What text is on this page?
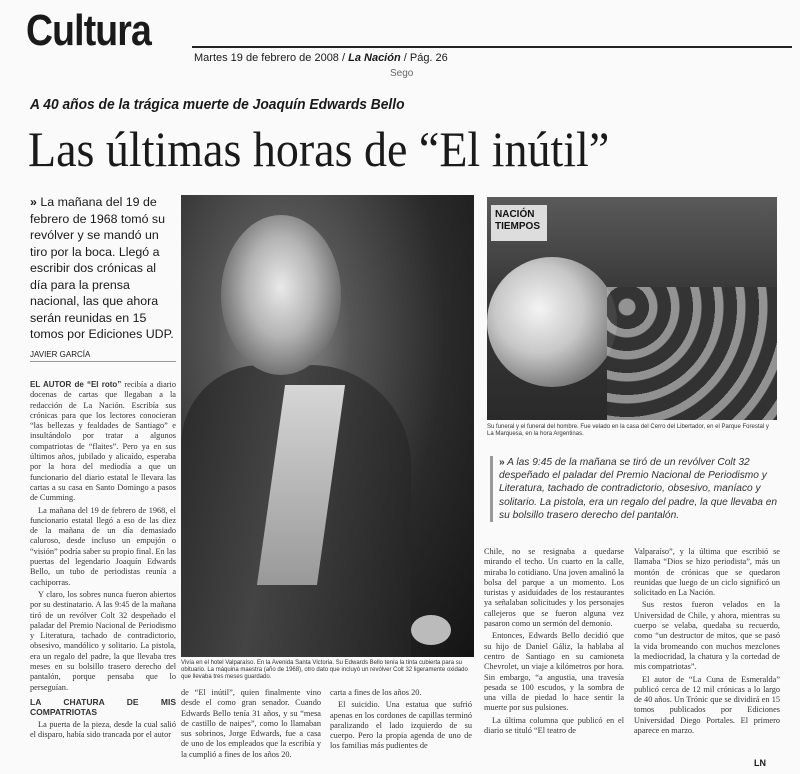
Cultura
Martes 19 de febrero de 2008 / La Nación / Pág. 26
Sego
A 40 años de la trágica muerte de Joaquín Edwards Bello
Las últimas horas de “El inútil”
» La mañana del 19 de febrero de 1968 tomó su revólver y se mandó un tiro por la boca. Llegó a escribir dos crónicas al día para la prensa nacional, las que ahora serán reunidas en 15 tomos por Ediciones UDP.
JAVIER GARCÍA

EL AUTOR de “El roto” recibía a diario docenas de cartas que llegaban a la redacción de La Nación. Escribía sus crónicas para que los lectores conocieran “las bellezas y fealdades de Santiago” e insultándolo por tratar a algunos compatriotas de “flaites”. Pero ya en sus últimos años, jubilado y alicaído, esperaba por la hora del mediodía a que un funcionario del diario estatal le llevara las cartas a su casa en Santo Domingo a pasos de Cumming.

La mañana del 19 de febrero de 1968, el funcionario estatal llegó a eso de las diez de la mañana de un día demasiado caluroso, desde incluso un empujón o “visión” podría saber su propio final. En las puertas del legendario Joaquín Edwards Bello, un tubo de periodistas reunía a cachiporras.

Y claro, los sobres nunca fueron abiertos por su destinatario. A las 9:45 de la mañana tiró de un revólver Colt 32 despeñado el paladar del Premio Nacional de Periodismo y Literatura, tachado de contradictorio, obsesivo, mandólico y solitario. La pistola, era un regalo del padre, la que llevaba tres meses en su bolsillo trasero derecho del pantalón, porque pensaba que lo perseguían.

LA CHATURA DE MIS COMPATRIOTAS

La puerta de la pieza, desde la cual salió el disparo, había sido trancada por el autor

Vivía en el hotel Valparaíso. En la Avenida Santa Victoria. Su Edwards Bello tenía la tinta cubierta para su obituario. La máquina maestra (año de 1968), otro dato que incluyó un revólver Colt 32 ligeramente oxidado que llevaba tres meses guardado.

de “El inútil”, quien finalmente vino desde el como gran senador. Cuando Edwards Bello tenía 31 años, y su “mesa de castillo de naipes”, como lo llamaban sus sobrinos, Jorge Edwards, fue a casa de uno de los empleados que la escribía y la cumplió a fines de los años 20.

carta a fines de los años 20.

El suicidio. Una estatua que sufrió apenas en los cordones de capillas terminó paralizando el lado izquierdo de su cuerpo. Pero la propia agenda de uno de los familias más pudientes de

NACIÓN TIEMPOS
Su funeral y el funeral del hombre. Fue velado en la casa del Cerro del Libertador, en el Parque Forestal y La Marquesa, en la hora Argentinas.
» A las 9:45 de la mañana se tiró de un revólver Colt 32 despeñado el paladar del Premio Nacional de Periodismo y Literatura, tachado de contradictorio, obsesivo, maníaco y solitario. La pistola, era un regalo del padre, la que llevaba en su bolsillo trasero derecho del pantalón.

Chile, no se resignaba a quedarse mirando el techo. Un cuarto en la calle, miraba lo cotidiano. Una joven amalinó la bolsa del parque a un momento. Los turistas y asiduidades de los restaurantes ya señalaban solicitudes y los personajes callejeros que se fueron alguna vez pasaron como un sermón del demonio.

Entonces, Edwards Bello decidió que su hijo de Daniel Gáliz, la hablaba al centro de Santiago en su camioneta Chevrolet, un viaje a kilómetros por hora. Sin embargo, “a angustia, una travesía pesada se 100 escudos, y la sombra de una villa de piedad lo hace sentir la muerte por sus pulsiones.

La última columna que publicó en el diario se tituló “El teatro de

Valparaíso”, y la última que escribió se llamaba “Dios se hizo periodista”, más un montón de crónicas que se quedaron reunidas que luego de un ciclo significó un solicitado en La Nación.

Sus restos fueron velados en la Universidad de Chile, y ahora, mientras su cuerpo se velaba, quedaba su recuerdo, como “un destructor de mitos, que se pasó la vida bromeando con muchos mezclones la mediocridad, la chatura y la cortedad de mis compatriotas”.

El autor de “La Cuna de Esmeralda” publicó cerca de 12 mil crónicas a lo largo de 40 años. Un Trónic que se dividirá en 15 tomos publicados por Ediciones Universidad Diego Portales. El primero aparece en marzo.

LN
